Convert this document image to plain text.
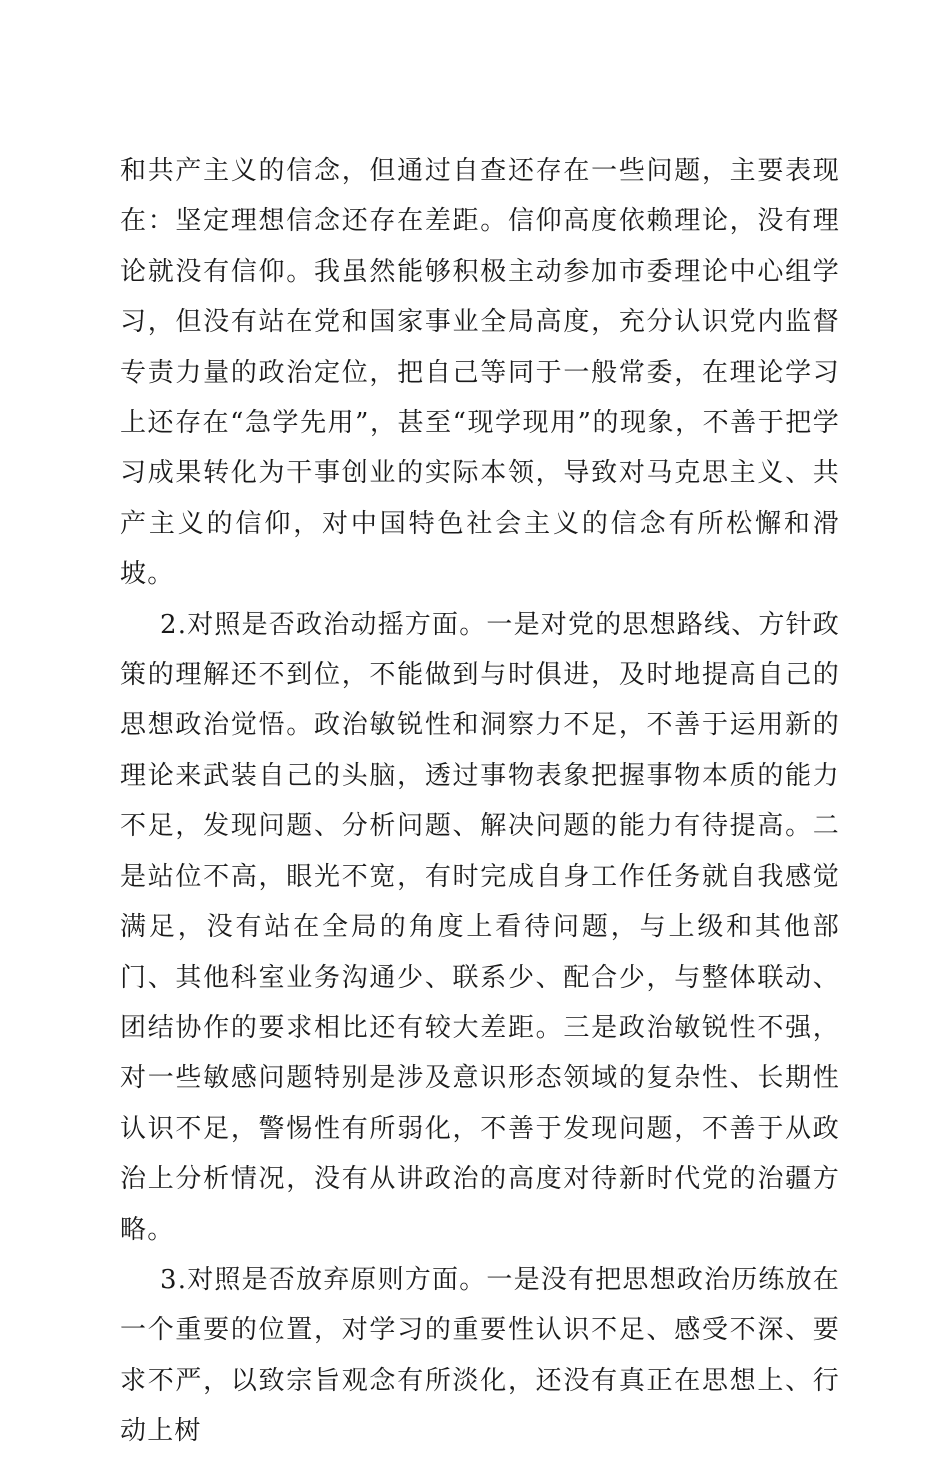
和共产主义的信念，但通过自查还存在一些问题，主要表现在：坚定理想信念还存在差距。信仰高度依赖理论，没有理论就没有信仰。我虽然能够积极主动参加市委理论中心组学习，但没有站在党和国家事业全局高度，充分认识党内监督专责力量的政治定位，把自己等同于一般常委，在理论学习上还存在“急学先用”，甚至“现学现用”的现象，不善于把学习成果转化为干事创业的实际本领，导致对马克思主义、共产主义的信仰，对中国特色社会主义的信念有所松懈和滑坡。

2.对照是否政治动摇方面。一是对党的思想路线、方针政策的理解还不到位，不能做到与时俱进，及时地提高自己的思想政治觉悟。政治敏锐性和洞察力不足，不善于运用新的理论来武装自己的头脑，透过事物表象把握事物本质的能力不足，发现问题、分析问题、解决问题的能力有待提高。二是站位不高，眼光不宽，有时完成自身工作任务就自我感觉满足，没有站在全局的角度上看待问题，与上级和其他部门、其他科室业务沟通少、联系少、配合少，与整体联动、团结协作的要求相比还有较大差距。三是政治敏锐性不强，对一些敏感问题特别是涉及意识形态领域的复杂性、长期性认识不足，警惕性有所弱化，不善于发现问题，不善于从政治上分析情况，没有从讲政治的高度对待新时代党的治疆方略。

3.对照是否放弃原则方面。一是没有把思想政治历练放在一个重要的位置，对学习的重要性认识不足、感受不深、要求不严，以致宗旨观念有所淡化，还没有真正在思想上、行动上树
